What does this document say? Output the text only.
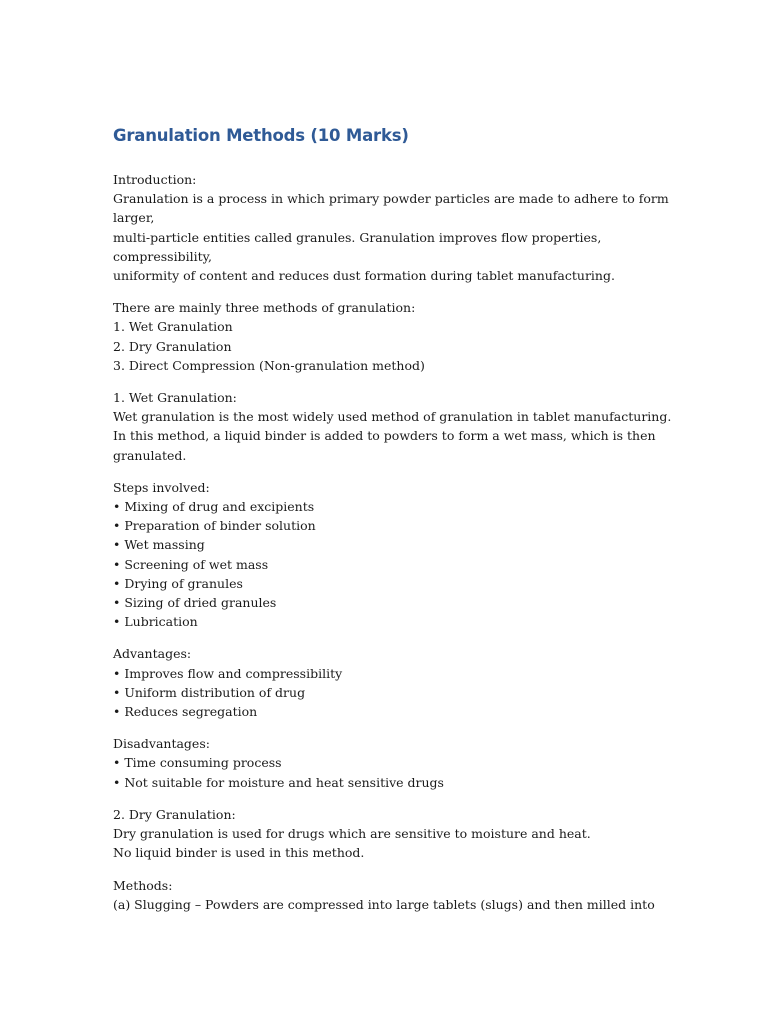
Granulation Methods (10 Marks)
Introduction:
Granulation is a process in which primary powder particles are made to adhere to form
larger,
multi-particle entities called granules. Granulation improves flow properties,
compressibility,
uniformity of content and reduces dust formation during tablet manufacturing.
There are mainly three methods of granulation:
1. Wet Granulation
2. Dry Granulation
3. Direct Compression (Non-granulation method)
1. Wet Granulation:
Wet granulation is the most widely used method of granulation in tablet manufacturing.
In this method, a liquid binder is added to powders to form a wet mass, which is then
granulated.
Steps involved:
• Mixing of drug and excipients
• Preparation of binder solution
• Wet massing
• Screening of wet mass
• Drying of granules
• Sizing of dried granules
• Lubrication
Advantages:
• Improves flow and compressibility
• Uniform distribution of drug
• Reduces segregation
Disadvantages:
• Time consuming process
• Not suitable for moisture and heat sensitive drugs
2. Dry Granulation:
Dry granulation is used for drugs which are sensitive to moisture and heat.
No liquid binder is used in this method.
Methods:
(a) Slugging – Powders are compressed into large tablets (slugs) and then milled into
